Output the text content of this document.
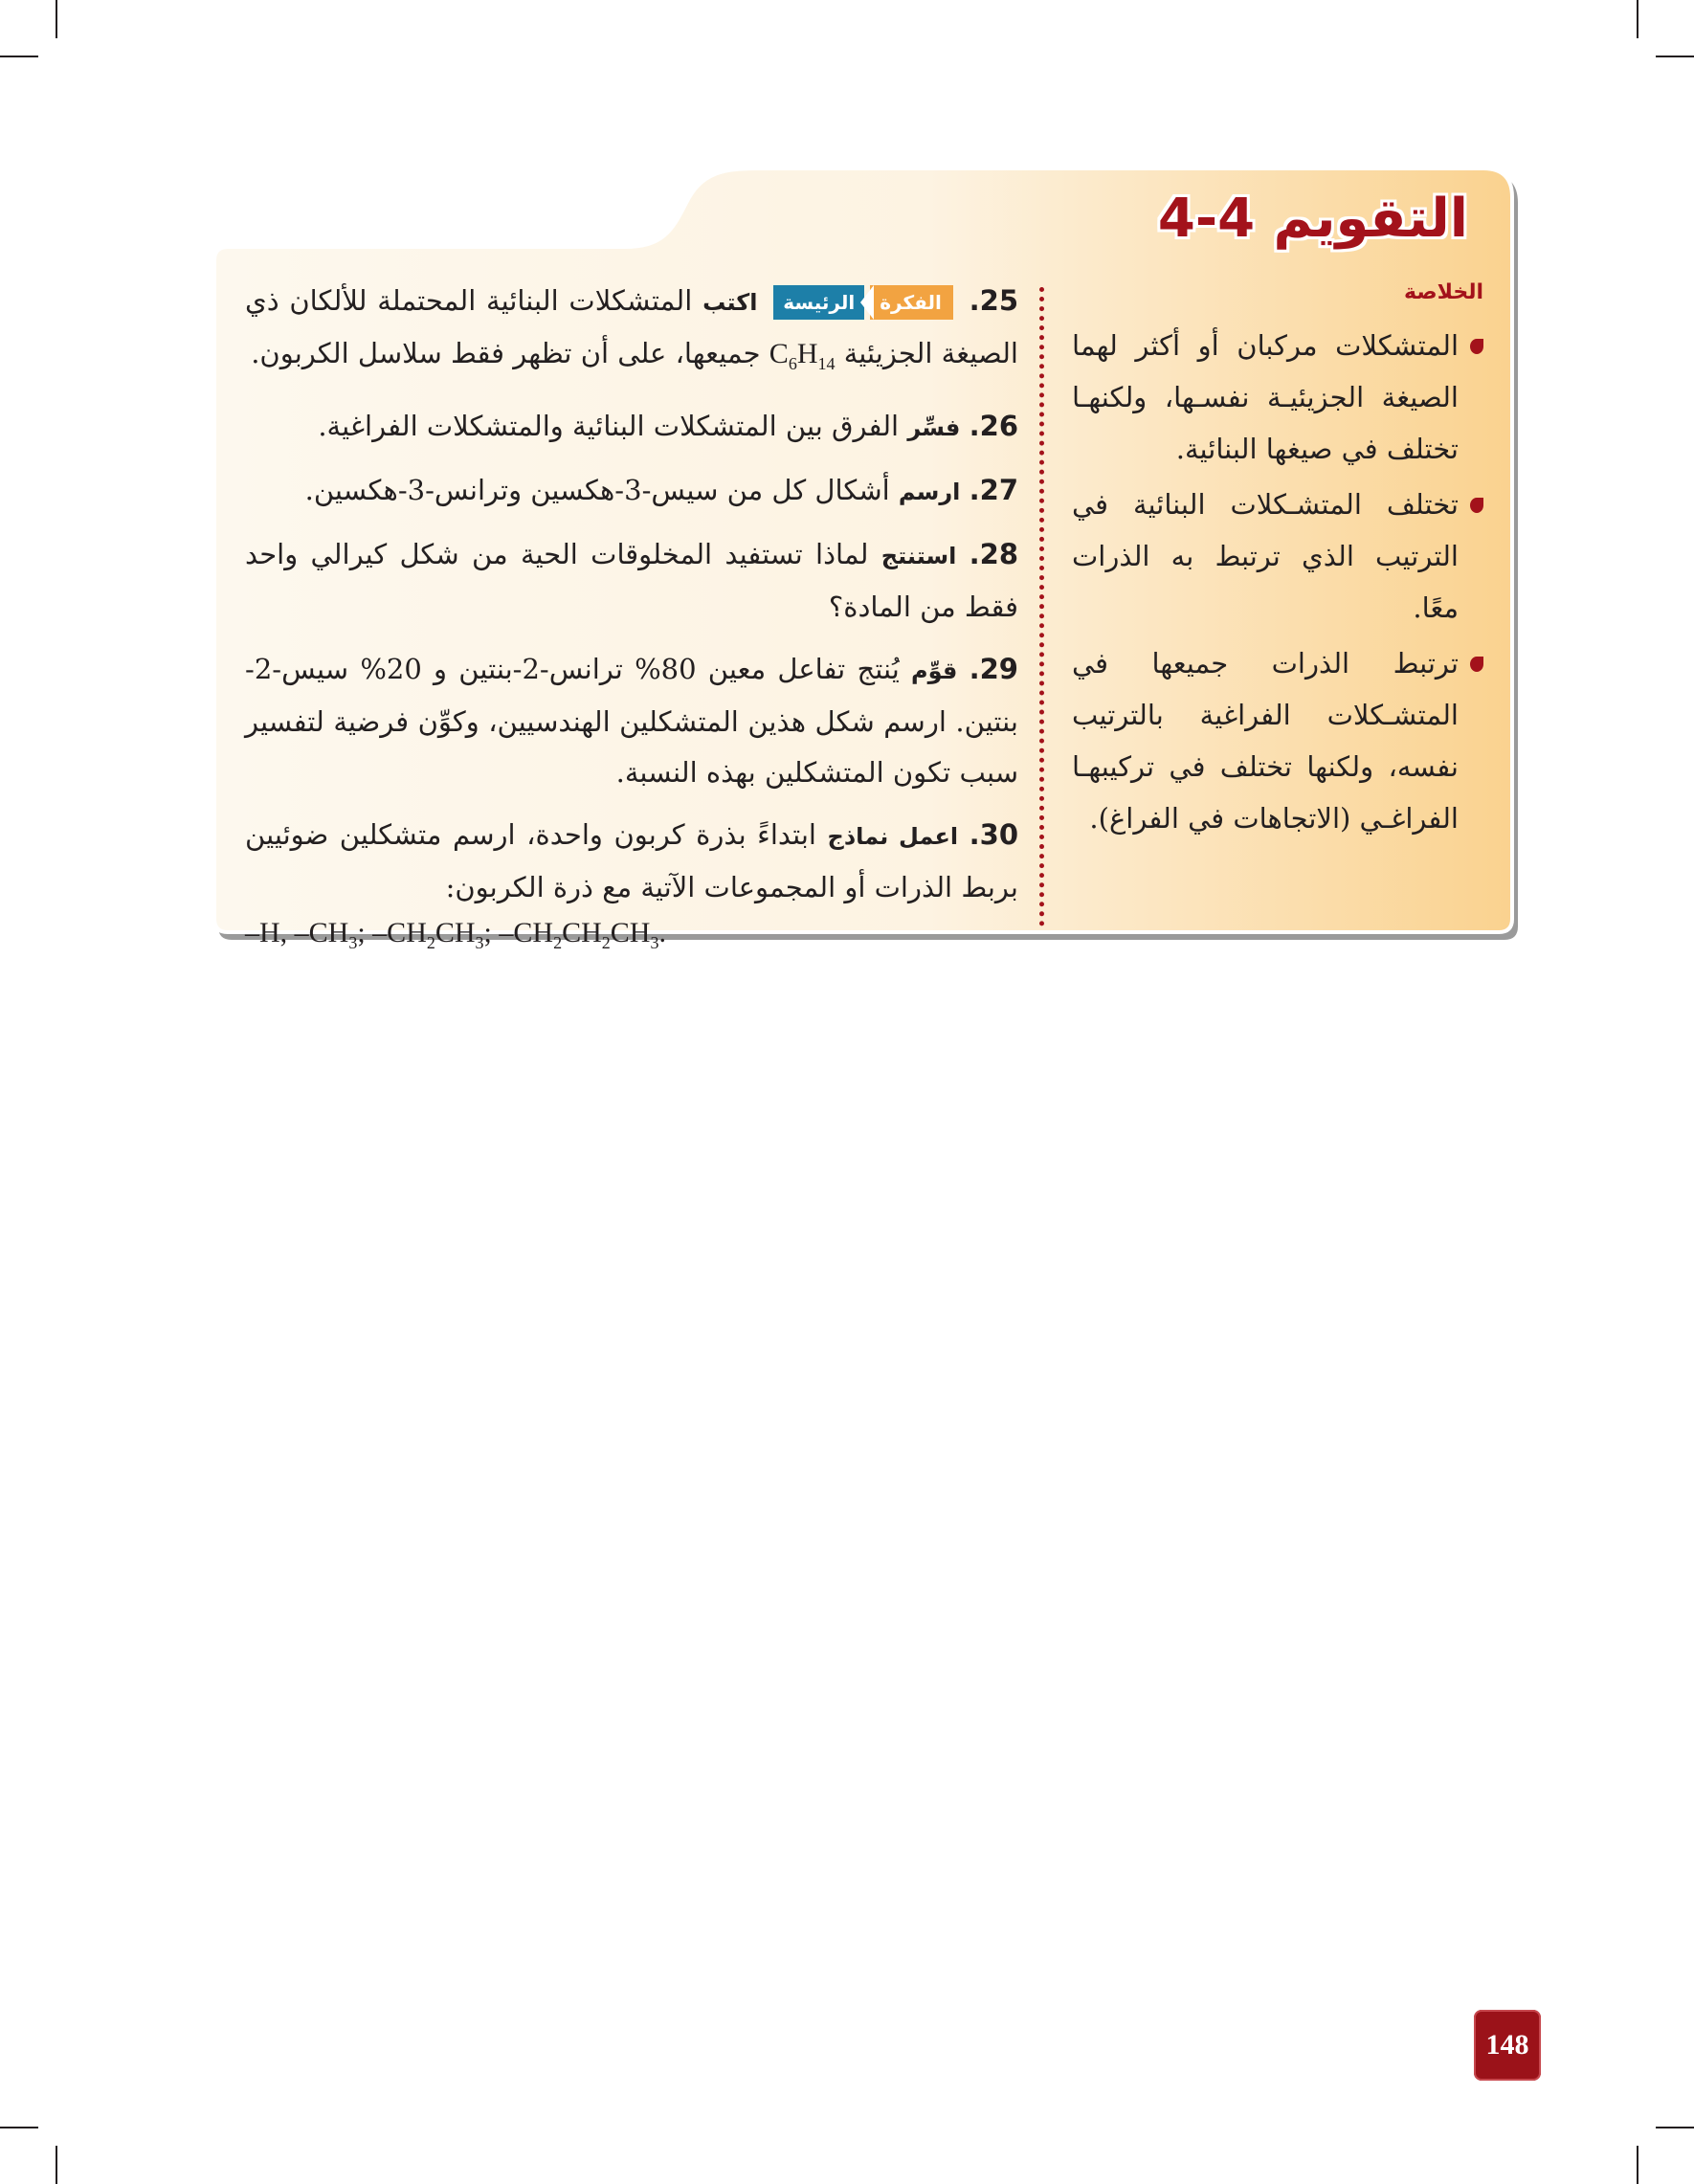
التقويم 4-4
الخلاصة
المتشكلات مركبان أو أكثر لهما الصيغة الجزيئيـة نفسـها، ولكنهـا تختلف في صيغها البنائية.
تختلف المتشـكلات البنائية في الترتيب الذي ترتبط به الذرات معًا.
ترتبط الذرات جميعها في المتشـكلات الفراغية بالترتيب نفسه، ولكنها تختلف في تركيبهـا الفراغـي (الاتجاهات في الفراغ).
25.
الفكرة
الرئيسة
اكتب المتشكلات البنائية المحتملة للألكان ذي الصيغة الجزيئية $C_6H_{14}$ جميعها، على أن تظهر فقط سلاسل الكربون.
26. فسِّر الفرق بين المتشكلات البنائية والمتشكلات الفراغية.
27. ارسم أشكال كل من سيس-3-هكسين وترانس-3-هكسين.
28. استنتج لماذا تستفيد المخلوقات الحية من شكل كيرالي واحد فقط من المادة؟
29. قوِّم يُنتج تفاعل معين 80% ترانس-2-بنتين و 20% سيس-2- بنتين. ارسم شكل هذين المتشكلين الهندسيين، وكوِّن فرضية لتفسير سبب تكون المتشكلين بهذه النسبة.
30. اعمل نماذج ابتداءً بذرة كربون واحدة، ارسم متشكلين ضوئيين بربط الذرات أو المجموعات الآتية مع ذرة الكربون:
–H, $-CH_3$; $-CH_2CH_3$; $-CH_2CH_2CH_3$.
148
